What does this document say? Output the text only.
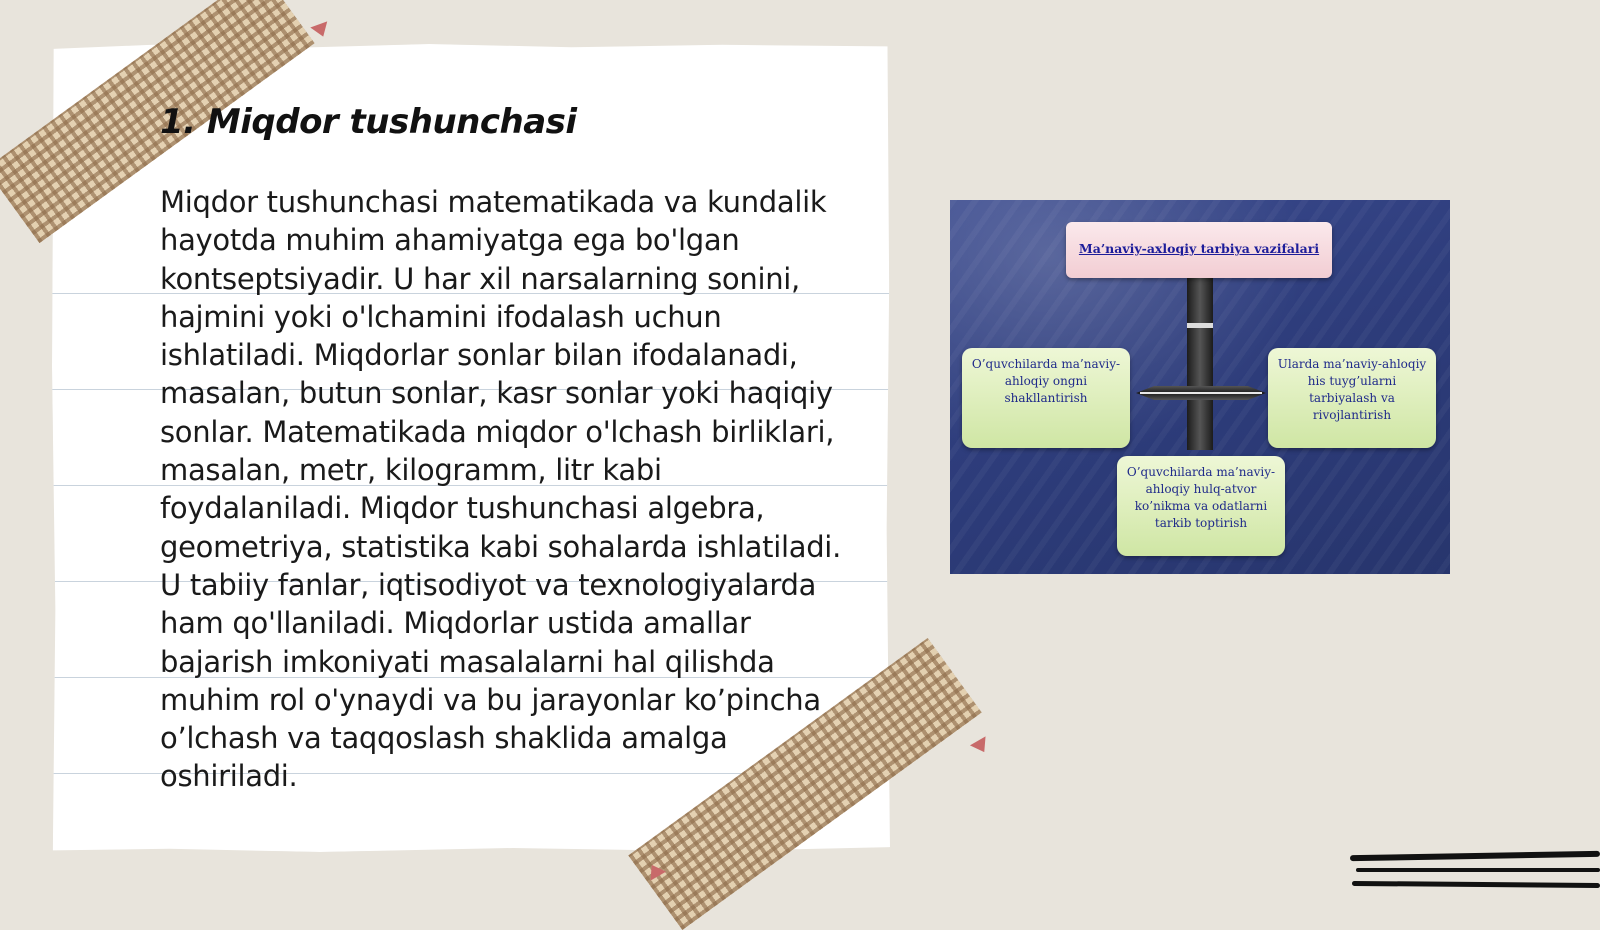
1. Miqdor tushunchasi

Miqdor tushunchasi matematikada va kundalik hayotda muhim ahamiyatga ega bo'lgan kontseptsiyadir. U har xil narsalarning sonini, hajmini yoki o'lchamini ifodalash uchun ishlatiladi. Miqdorlar sonlar bilan ifodalanadi, masalan, butun sonlar, kasr sonlar yoki haqiqiy sonlar. Matematikada miqdor o'lchash birliklari, masalan, metr, kilogramm, litr kabi foydalaniladi. Miqdor tushunchasi algebra, geometriya, statistika kabi sohalarda ishlatiladi. U tabiiy fanlar, iqtisodiyot va texnologiyalarda ham qo'llaniladi. Miqdorlar ustida amallar bajarish imkoniyati masalalarni hal qilishda muhim rol o'ynaydi va bu jarayonlar ko’pincha o’lchash va taqqoslash shaklida amalga oshiriladi.

Ma’naviy-axloqiy tarbiya vazifalari
O’quvchilarda ma’naviy-ahloqiy ongni shakllantirish
Ularda ma’naviy-ahloqiy his tuyg’ularni tarbiyalash va rivojlantirish
O’quvchilarda ma’naviy-ahloqiy hulq-atvor ko’nikma va odatlarni tarkib toptirish
